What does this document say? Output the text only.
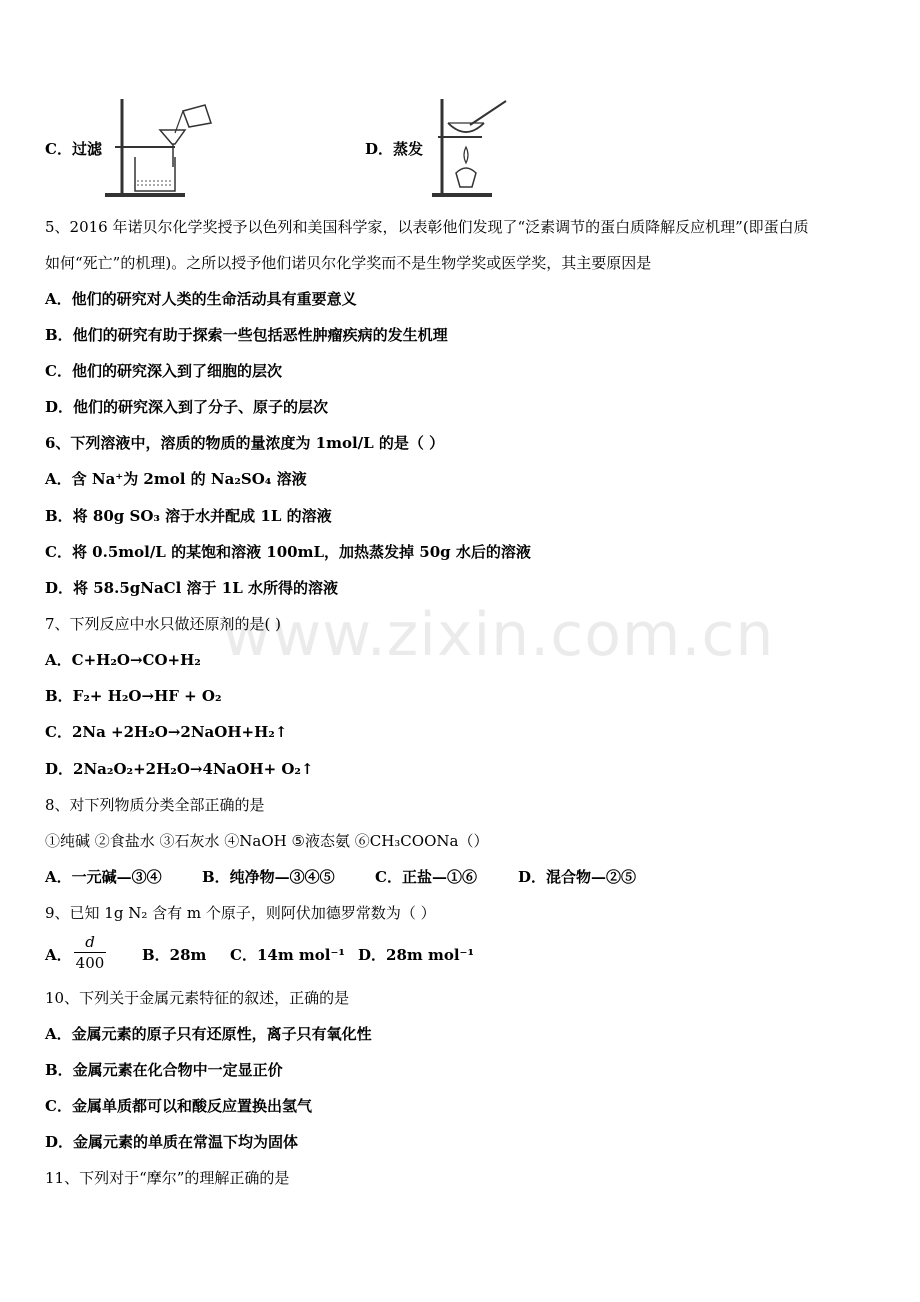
C．过滤	D．蒸发
5、2016 年诺贝尔化学奖授予以色列和美国科学家，以表彰他们发现了“泛素调节的蛋白质降解反应机理”(即蛋白质
如何“死亡”的机理)。之所以授予他们诺贝尔化学奖而不是生物学奖或医学奖，其主要原因是
A．他们的研究对人类的生命活动具有重要意义
B．他们的研究有助于探索一些包括恶性肿瘤疾病的发生机理
C．他们的研究深入到了细胞的层次
D．他们的研究深入到了分子、原子的层次
6、下列溶液中，溶质的物质的量浓度为 1mol/L 的是（ ）
A．含 Na⁺为 2mol 的 Na₂SO₄ 溶液
B．将 80g SO₃ 溶于水并配成 1L 的溶液
C．将 0.5mol/L 的某饱和溶液 100mL，加热蒸发掉 50g 水后的溶液
D．将 58.5gNaCl 溶于 1L 水所得的溶液
7、下列反应中水只做还原剂的是( )
A．C+H₂O→CO+H₂
B．F₂+ H₂O→HF + O₂
C．2Na +2H₂O→2NaOH+H₂↑
D．2Na₂O₂+2H₂O→4NaOH+ O₂↑
8、对下列物质分类全部正确的是
①纯碱 ②食盐水 ③石灰水 ④NaOH ⑤液态氨 ⑥CH₃COONa（）
A．一元碱—③④	B．纯净物—③④⑤	C．正盐—①⑥	D．混合物—②⑤
9、已知 1g N₂ 含有 m 个原子，则阿伏加德罗常数为（ ）
A．
d
400	B．28m C．14m mol⁻¹ D．28m mol⁻¹
10、下列关于金属元素特征的叙述，正确的是
A．金属元素的原子只有还原性，离子只有氧化性
B．金属元素在化合物中一定显正价
C．金属单质都可以和酸反应置换出氢气
D．金属元素的单质在常温下均为固体
11、下列对于“摩尔”的理解正确的是
www.zixin.com.cn
